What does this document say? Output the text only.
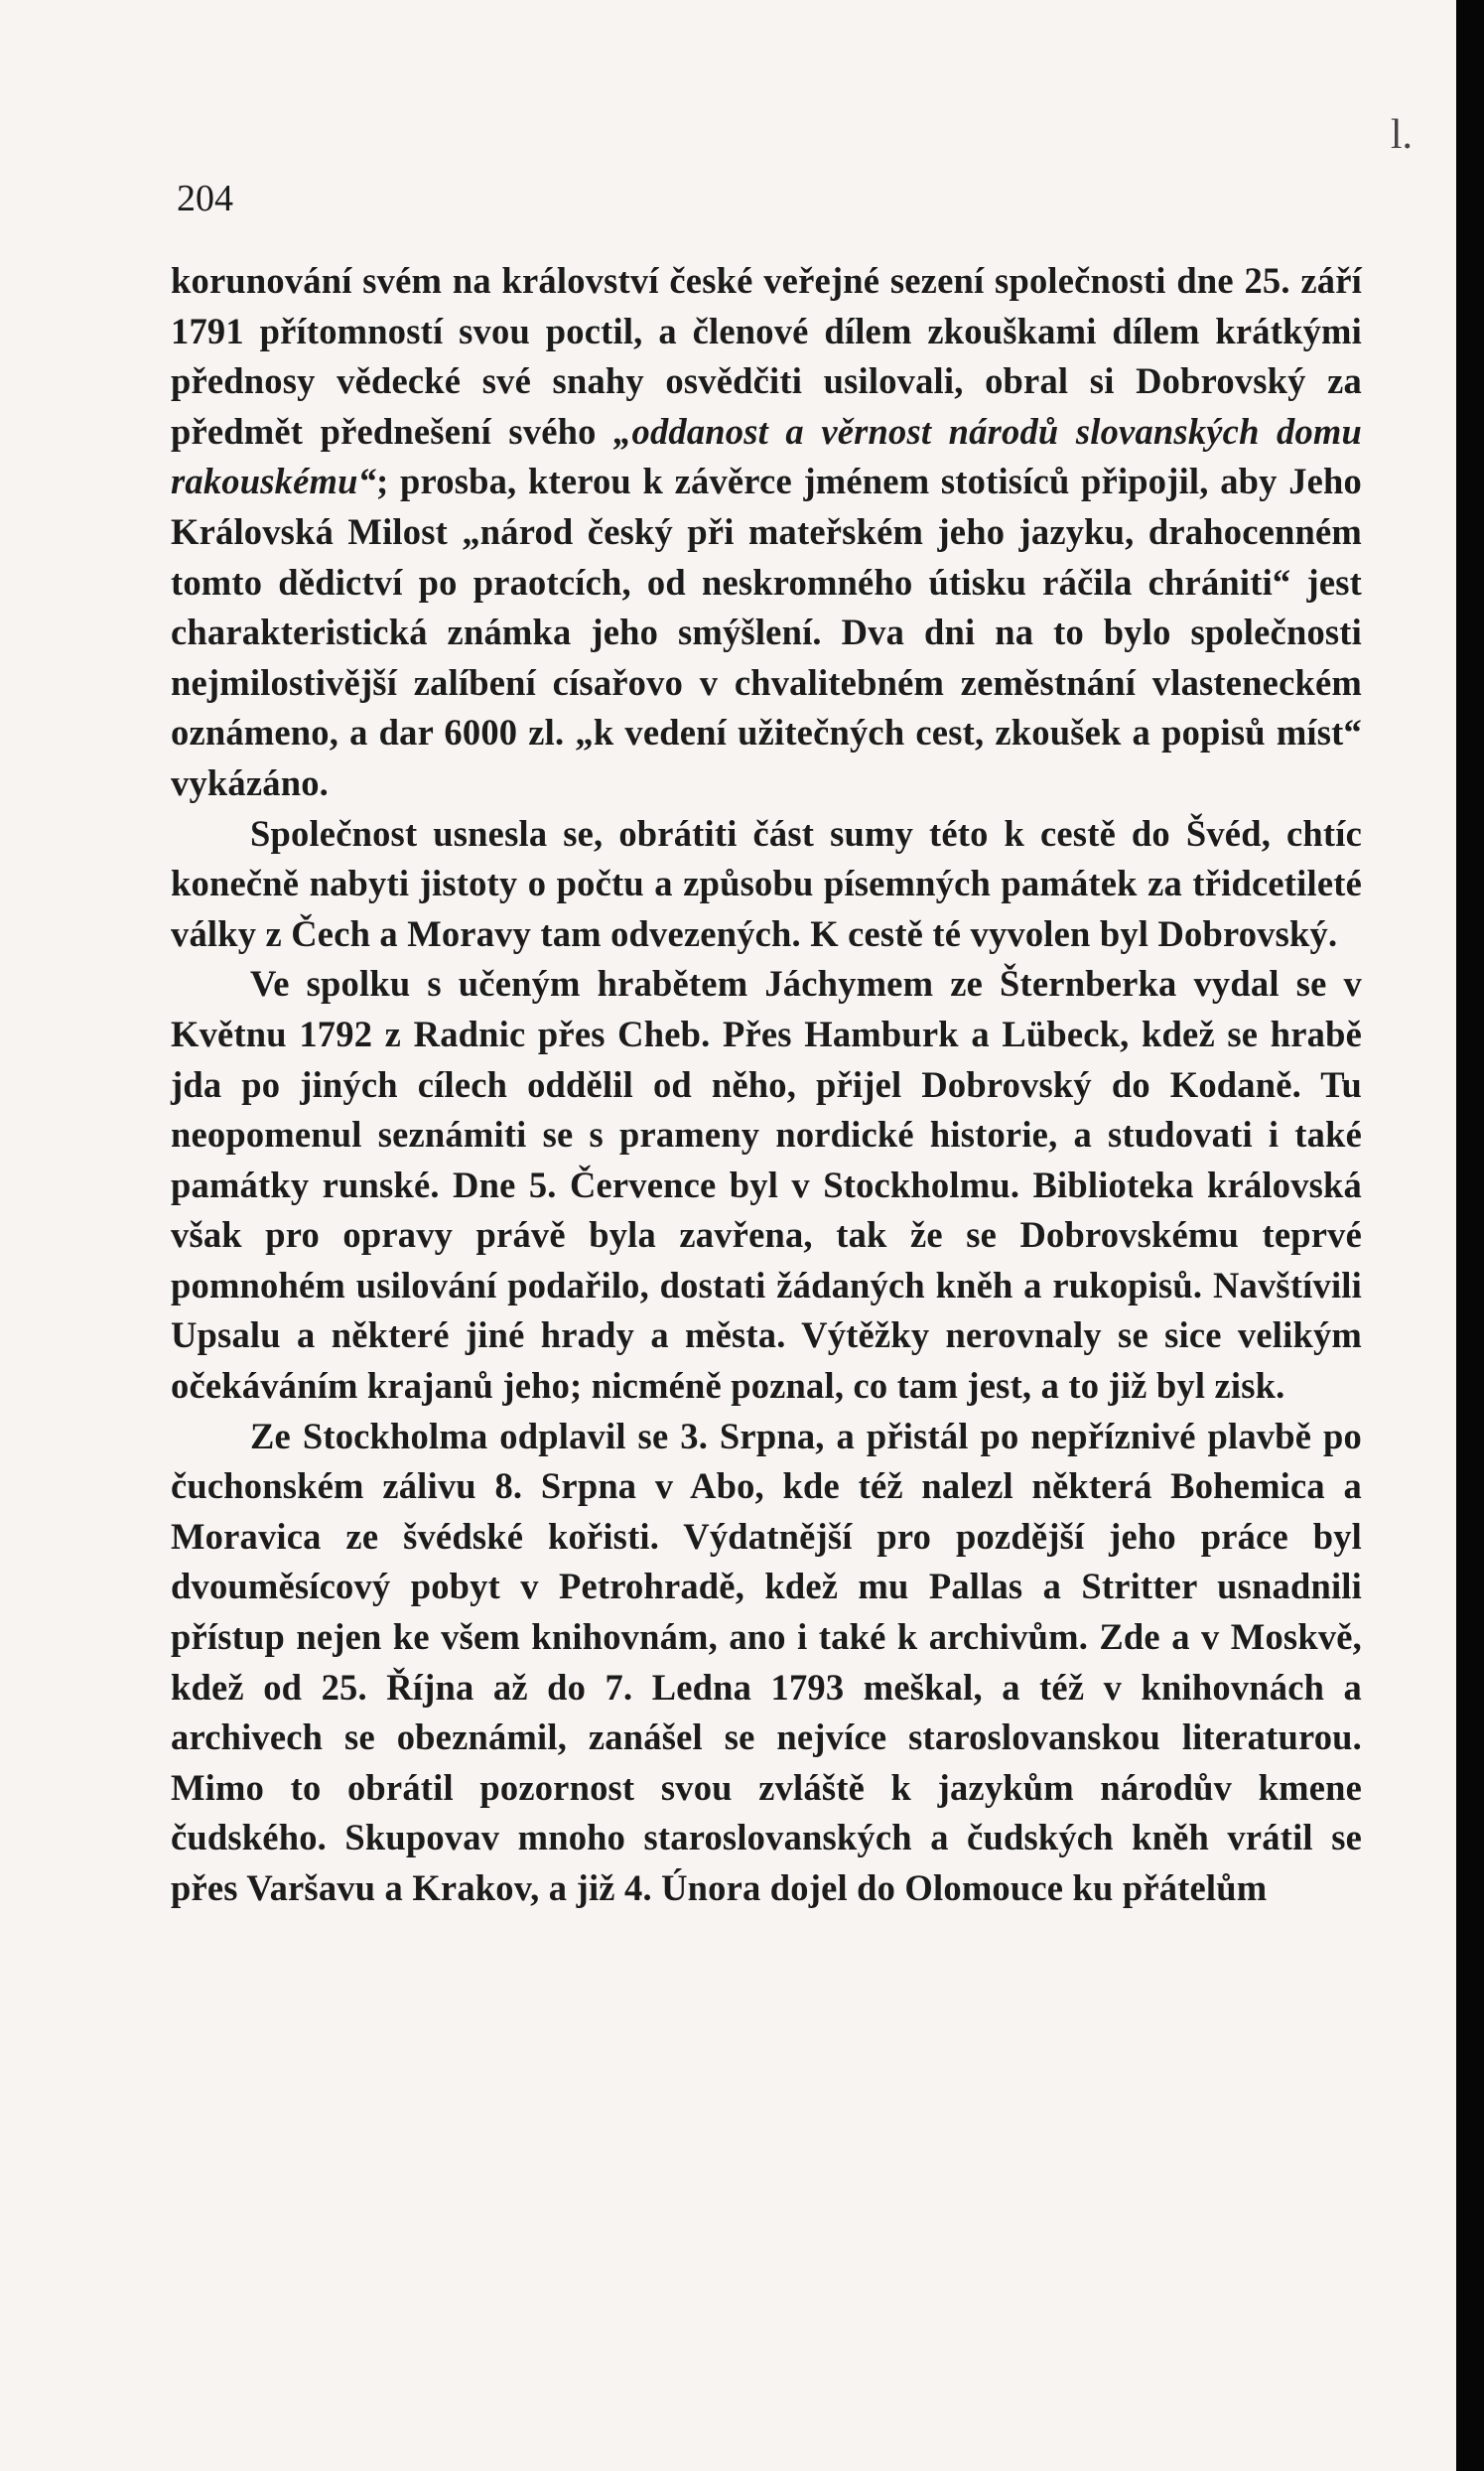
l.
204

korunování svém na království české veřejné sezení společnosti dne 25. září 1791 přítomností svou poctil, a členové dílem zkouškami dílem krátkými přednosy vědecké své snahy osvědčiti usilovali, obral si Dobrovský za předmět přednešení svého „oddanost a věrnost národů slovanských domu rakouskému“; prosba, kterou k závěrce jménem stotisíců připojil, aby Jeho Královská Milost „národ český při mateřském jeho jazyku, drahocenném tomto dědictví po praotcích, od neskromného útisku ráčila chrániti“ jest charakteristická známka jeho smýšlení. Dva dni na to bylo společnosti nejmilostivější zalíbení císařovo v chvalitebném zeměstnání vlasteneckém oznámeno, a dar 6000 zl. „k vedení užitečných cest, zkoušek a popisů míst“ vykázáno.

Společnost usnesla se, obrátiti část sumy této k cestě do Švéd, chtíc konečně nabyti jistoty o počtu a způsobu písemných památek za třidcetileté války z Čech a Moravy tam odvezených. K cestě té vyvolen byl Dobrovský.

Ve spolku s učeným hrabětem Jáchymem ze Šternberka vydal se v Květnu 1792 z Radnic přes Cheb. Přes Hamburk a Lübeck, kdež se hrabě jda po jiných cílech oddělil od něho, přijel Dobrovský do Kodaně. Tu neopomenul seznámiti se s prameny nordické historie, a studovati i také památky runské. Dne 5. Července byl v Stockholmu. Biblioteka královská však pro opravy právě byla zavřena, tak že se Dobrovskému teprvé pomnohém usilování podařilo, dostati žádaných kněh a rukopisů. Navštívili Upsalu a některé jiné hrady a města. Výtěžky nerovnaly se sice velikým očekáváním krajanů jeho; nicméně poznal, co tam jest, a to již byl zisk.

Ze Stockholma odplavil se 3. Srpna, a přistál po nepříznivé plavbě po čuchonském zálivu 8. Srpna v Abo, kde též nalezl některá Bohemica a Moravica ze švédské kořisti. Výdatnější pro pozdější jeho práce byl dvouměsícový pobyt v Petrohradě, kdež mu Pallas a Stritter usnadnili přístup nejen ke všem knihovnám, ano i také k archivům. Zde a v Moskvě, kdež od 25. Října až do 7. Ledna 1793 meškal, a též v knihovnách a archivech se obeznámil, zanášel se nejvíce staroslovanskou literaturou. Mimo to obrátil pozornost svou zvláště k jazykům národův kmene čudského. Skupovav mnoho staroslovanských a čudských kněh vrátil se přes Varšavu a Krakov, a již 4. Února dojel do Olomouce ku přátelům
